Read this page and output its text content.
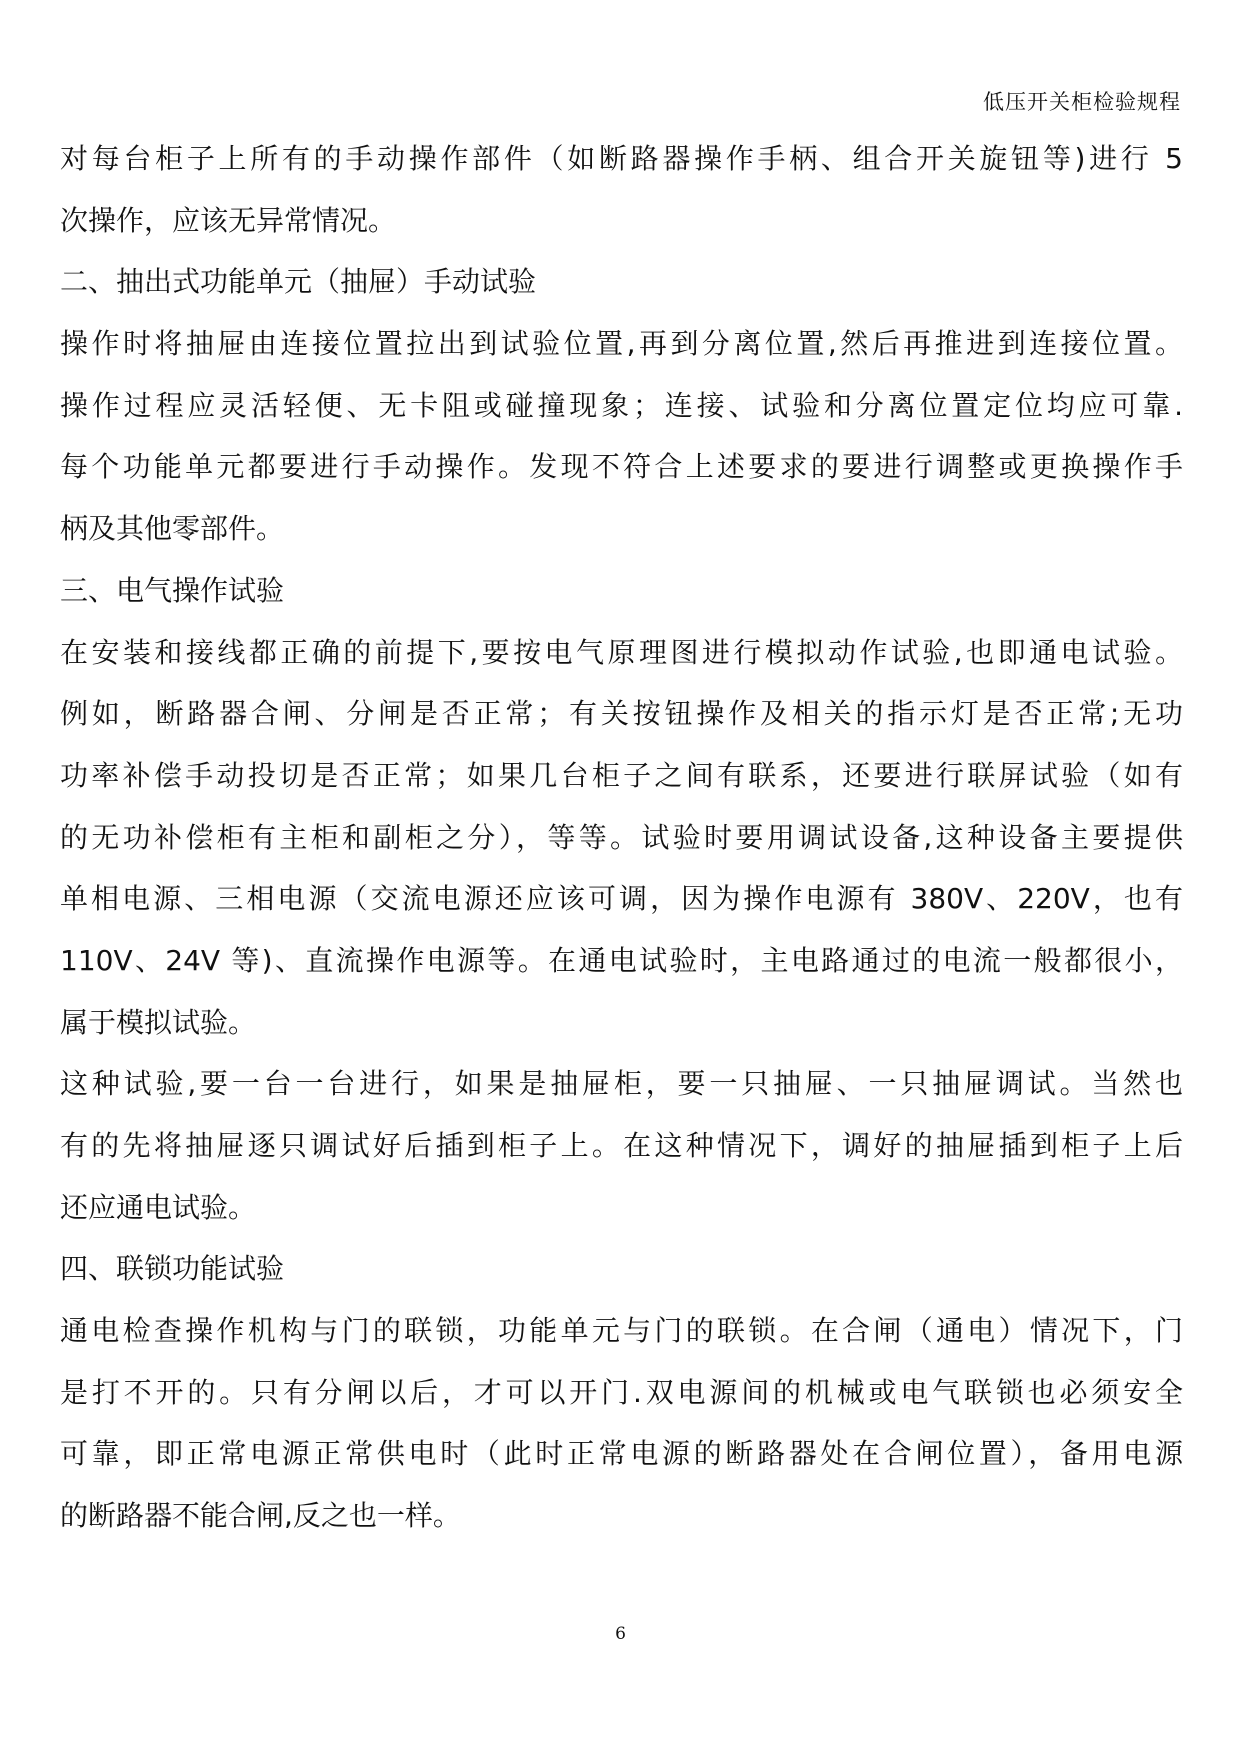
低压开关柜检验规程
对每台柜子上所有的手动操作部件（如断路器操作手柄、组合开关旋钮等)进行 5
次操作，应该无异常情况。
二、抽出式功能单元（抽屉）手动试验
操作时将抽屉由连接位置拉出到试验位置,再到分离位置,然后再推进到连接位置。
操作过程应灵活轻便、无卡阻或碰撞现象；连接、试验和分离位置定位均应可靠.
每个功能单元都要进行手动操作。发现不符合上述要求的要进行调整或更换操作手
柄及其他零部件。
三、电气操作试验
在安装和接线都正确的前提下,要按电气原理图进行模拟动作试验,也即通电试验。
例如，断路器合闸、分闸是否正常；有关按钮操作及相关的指示灯是否正常;无功
功率补偿手动投切是否正常；如果几台柜子之间有联系，还要进行联屏试验（如有
的无功补偿柜有主柜和副柜之分），等等。试验时要用调试设备,这种设备主要提供
单相电源、三相电源（交流电源还应该可调，因为操作电源有 380V、220V，也有
110V、24V 等)、直流操作电源等。在通电试验时，主电路通过的电流一般都很小，
属于模拟试验。
这种试验,要一台一台进行，如果是抽屉柜，要一只抽屉、一只抽屉调试。当然也
有的先将抽屉逐只调试好后插到柜子上。在这种情况下，调好的抽屉插到柜子上后
还应通电试验。
四、联锁功能试验
通电检查操作机构与门的联锁，功能单元与门的联锁。在合闸（通电）情况下，门
是打不开的。只有分闸以后，才可以开门.双电源间的机械或电气联锁也必须安全
可靠，即正常电源正常供电时（此时正常电源的断路器处在合闸位置），备用电源
的断路器不能合闸,反之也一样。
6
